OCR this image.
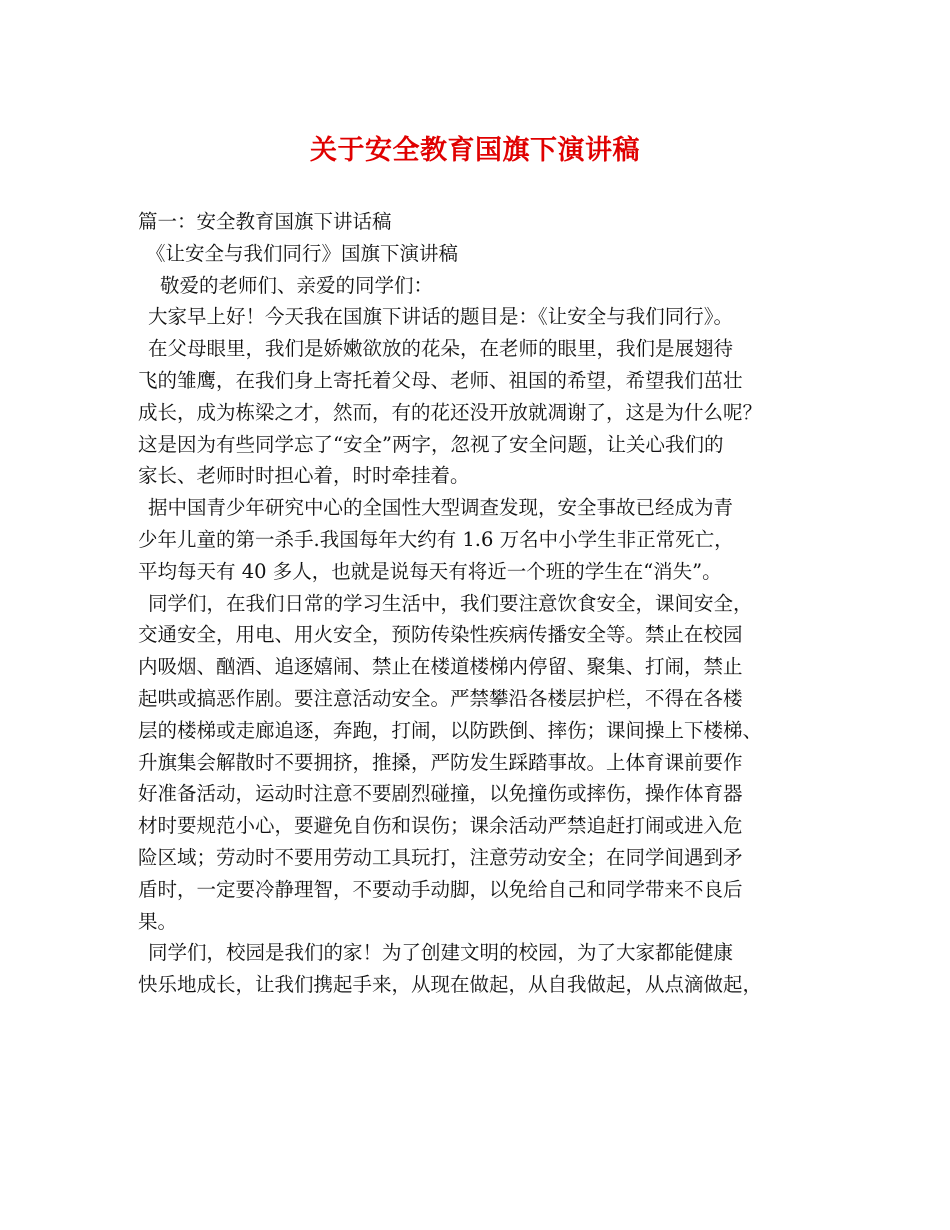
关于安全教育国旗下演讲稿

篇一：安全教育国旗下讲话稿

《让安全与我们同行》国旗下演讲稿

敬爱的老师们、亲爱的同学们：

大家早上好！今天我在国旗下讲话的题目是：《让安全与我们同行》。

在父母眼里，我们是娇嫩欲放的花朵，在老师的眼里，我们是展翅待

飞的雏鹰，在我们身上寄托着父母、老师、祖国的希望，希望我们茁壮

成长，成为栋梁之才，然而，有的花还没开放就凋谢了，这是为什么呢？

这是因为有些同学忘了“安全”两字，忽视了安全问题，让关心我们的

家长、老师时时担心着，时时牵挂着。

据中国青少年研究中心的全国性大型调查发现，安全事故已经成为青

少年儿童的第一杀手.我国每年大约有 1.6 万名中小学生非正常死亡，

平均每天有 40 多人，也就是说每天有将近一个班的学生在“消失”。

同学们，在我们日常的学习生活中，我们要注意饮食安全，课间安全，

交通安全，用电、用火安全，预防传染性疾病传播安全等。禁止在校园

内吸烟、酗酒、追逐嬉闹、禁止在楼道楼梯内停留、聚集、打闹，禁止

起哄或搞恶作剧。要注意活动安全。严禁攀沿各楼层护栏，不得在各楼

层的楼梯或走廊追逐，奔跑，打闹，以防跌倒、摔伤；课间操上下楼梯、

升旗集会解散时不要拥挤，推搡，严防发生踩踏事故。上体育课前要作

好准备活动，运动时注意不要剧烈碰撞，以免撞伤或摔伤，操作体育器

材时要规范小心，要避免自伤和误伤；课余活动严禁追赶打闹或进入危

险区域；劳动时不要用劳动工具玩打，注意劳动安全；在同学间遇到矛

盾时，一定要冷静理智，不要动手动脚，以免给自己和同学带来不良后

果。

同学们，校园是我们的家！为了创建文明的校园，为了大家都能健康

快乐地成长，让我们携起手来，从现在做起，从自我做起，从点滴做起，
